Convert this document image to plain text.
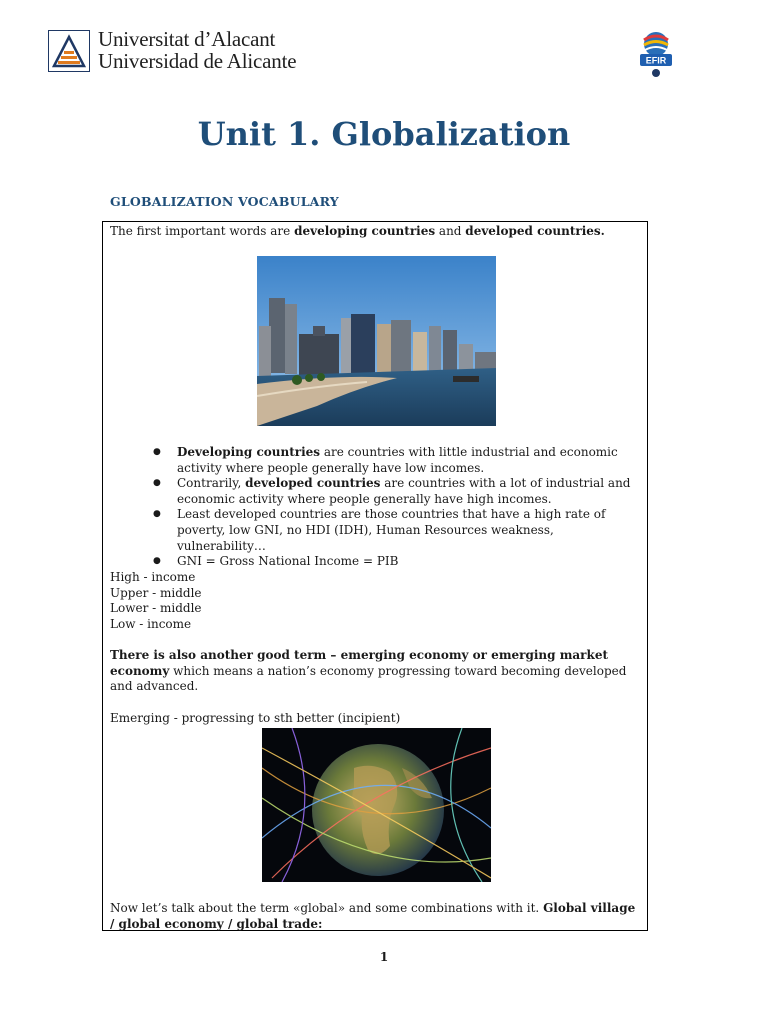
Universitat d’Alacant
Universidad de Alicante	EFIR
Unit 1. Globalization
GLOBALIZATION VOCABULARY
The first important words are developing countries and developed countries.
● Developing countries are countries with little industrial and economic activity where people generally have low incomes.
● Contrarily, developed countries are countries with a lot of industrial and economic activity where people generally have high incomes.
● Least developed countries are those countries that have a high rate of poverty, low GNI, no HDI (IDH), Human Resources weakness, vulnerability…
● GNI = Gross National Income = PIB
High - income
Upper - middle
Lower - middle
Low - income
There is also another good term – emerging economy or emerging market economy which means a nation’s economy progressing toward becoming developed and advanced.
Emerging - progressing to sth better (incipient)
Now let’s talk about the term «global» and some combinations with it. Global village / global economy / global trade:
1
